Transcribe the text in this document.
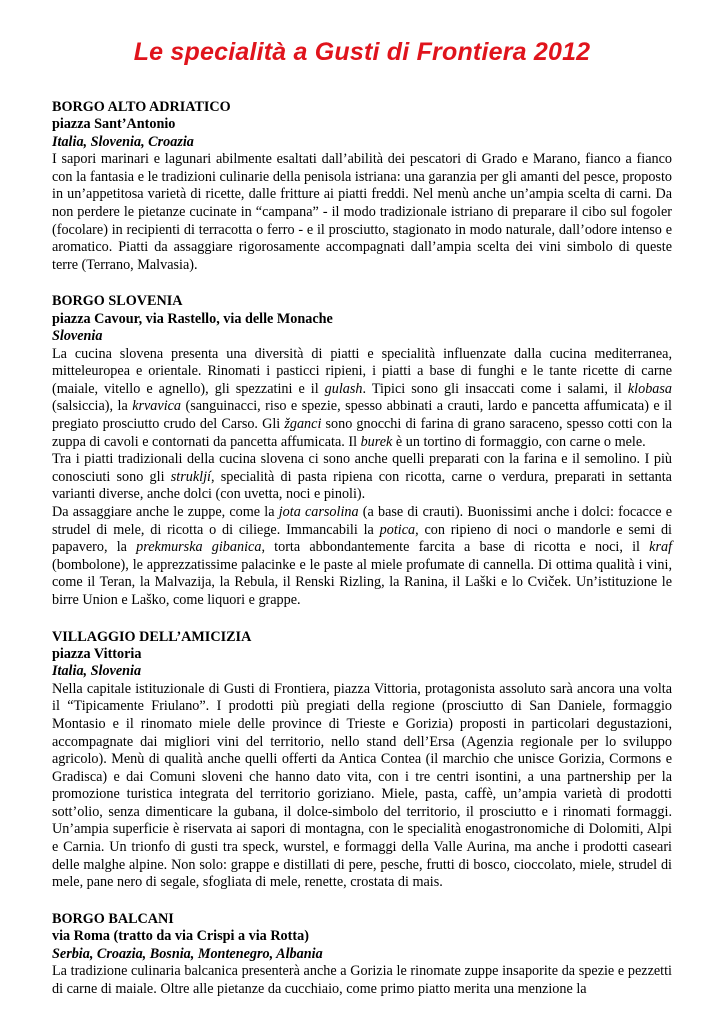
Le specialità a Gusti di Frontiera 2012
BORGO ALTO ADRIATICO
piazza Sant’Antonio
Italia, Slovenia, Croazia

I sapori marinari e lagunari abilmente esaltati dall’abilità dei pescatori di Grado e Marano, fianco a fianco con la fantasia e le tradizioni culinarie della penisola istriana: una garanzia per gli amanti del pesce, proposto in un’appetitosa varietà di ricette, dalle fritture ai piatti freddi. Nel menù anche un’ampia scelta di carni. Da non perdere le pietanze cucinate in “campana” - il modo tradizionale istriano di preparare il cibo sul fogoler (focolare) in recipienti di terracotta o ferro - e il prosciutto, stagionato in modo naturale, dall’odore intenso e aromatico. Piatti da assaggiare rigorosamente accompagnati dall’ampia scelta dei vini simbolo di queste terre (Terrano, Malvasia).

BORGO SLOVENIA
piazza Cavour, via Rastello, via delle Monache
Slovenia

La cucina slovena presenta una diversità di piatti e specialità influenzate dalla cucina mediterranea, mitteleuropea e orientale. Rinomati i pasticci ripieni, i piatti a base di funghi e le tante ricette di carne (maiale, vitello e agnello), gli spezzatini e il gulash. Tipici sono gli insaccati come i salami, il klobasa (salsiccia), la krvavica (sanguinacci, riso e spezie, spesso abbinati a crauti, lardo e pancetta affumicata) e il pregiato prosciutto crudo del Carso. Gli žganci sono gnocchi di farina di grano saraceno, spesso cotti con la zuppa di cavoli e contornati da pancetta affumicata. Il burek è un tortino di formaggio, con carne o mele.

Tra i piatti tradizionali della cucina slovena ci sono anche quelli preparati con la farina e il semolino. I più conosciuti sono gli strukljí, specialità di pasta ripiena con ricotta, carne o verdura, preparati in settanta varianti diverse, anche dolci (con uvetta, noci e pinoli).

Da assaggiare anche le zuppe, come la jota carsolina (a base di crauti). Buonissimi anche i dolci: focacce e strudel di mele, di ricotta o di ciliege. Immancabili la potica, con ripieno di noci o mandorle e semi di papavero, la prekmurska gibanica, torta abbondantemente farcita a base di ricotta e noci, il kraf (bombolone), le apprezzatissime palacinke e le paste al miele profumate di cannella. Di ottima qualità i vini, come il Teran, la Malvazija, la Rebula, il Renski Rizling, la Ranina, il Laški e lo Cviček. Un’istituzione le birre Union e Laško, come liquori e grappe.

VILLAGGIO DELL’AMICIZIA
piazza Vittoria
Italia, Slovenia

Nella capitale istituzionale di Gusti di Frontiera, piazza Vittoria, protagonista assoluto sarà ancora una volta il “Tipicamente Friulano”. I prodotti più pregiati della regione (prosciutto di San Daniele, formaggio Montasio e il rinomato miele delle province di Trieste e Gorizia) proposti in particolari degustazioni, accompagnate dai migliori vini del territorio, nello stand dell’Ersa (Agenzia regionale per lo sviluppo agricolo). Menù di qualità anche quelli offerti da Antica Contea (il marchio che unisce Gorizia, Cormons e Gradisca) e dai Comuni sloveni che hanno dato vita, con i tre centri isontini, a una partnership per la promozione turistica integrata del territorio goriziano. Miele, pasta, caffè, un’ampia varietà di prodotti sott’olio, senza dimenticare la gubana, il dolce-simbolo del territorio, il prosciutto e i rinomati formaggi. Un’ampia superficie è riservata ai sapori di montagna, con le specialità enogastronomiche di Dolomiti, Alpi e Carnia. Un trionfo di gusti tra speck, wurstel, e formaggi della Valle Aurina, ma anche i prodotti caseari delle malghe alpine. Non solo: grappe e distillati di pere, pesche, frutti di bosco, cioccolato, miele, strudel di mele, pane nero di segale, sfogliata di mele, renette, crostata di mais.

BORGO BALCANI
via Roma (tratto da via Crispi a via Rotta)
Serbia, Croazia, Bosnia, Montenegro, Albania

La tradizione culinaria balcanica presenterà anche a Gorizia le rinomate zuppe insaporite da spezie e pezzetti di carne di maiale. Oltre alle pietanze da cucchiaio, come primo piatto merita una menzione la
